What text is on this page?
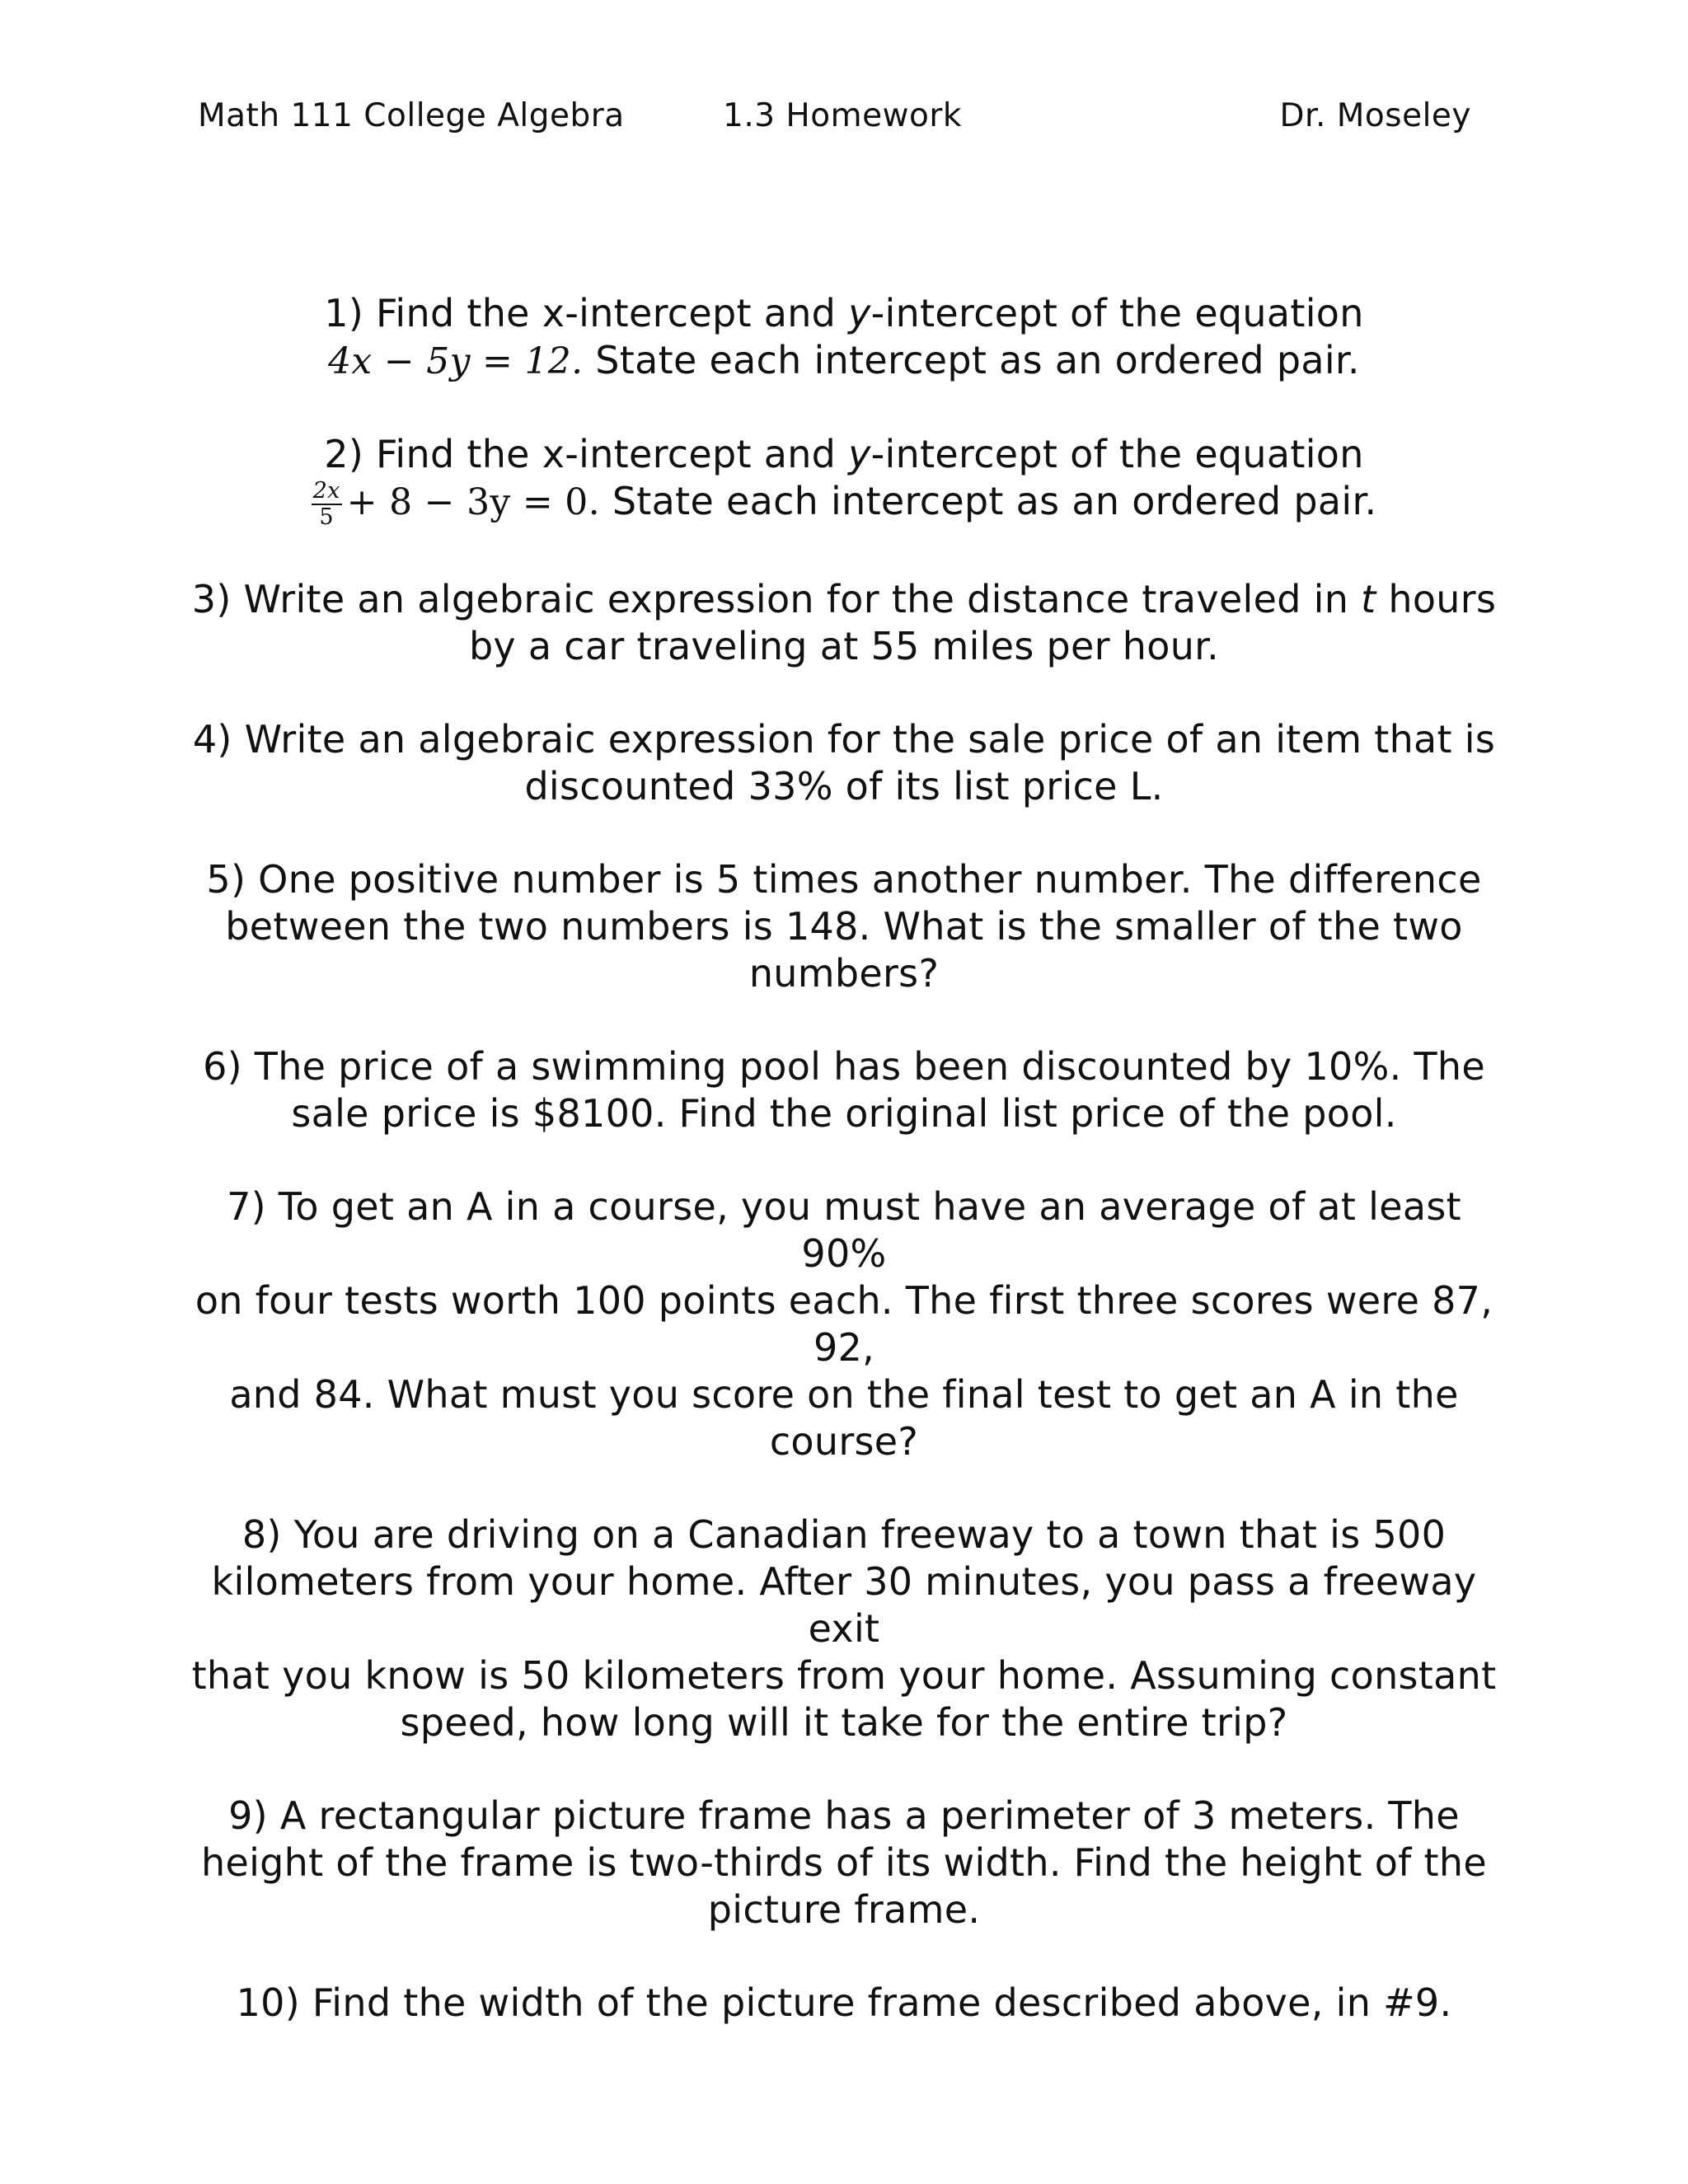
Math 111 College Algebra	1.3 Homework	Dr. Moseley

1) Find the x-intercept and y-intercept of the equation

4x − 5y = 12. State each intercept as an ordered pair.

2) Find the x-intercept and y-intercept of the equation

$\frac{2x}{5} + 8 - 3y = 0$. State each intercept as an ordered pair.

3) Write an algebraic expression for the distance traveled in t hours

by a car traveling at 55 miles per hour.

4) Write an algebraic expression for the sale price of an item that is

discounted 33% of its list price L.

5) One positive number is 5 times another number. The difference

between the two numbers is 148. What is the smaller of the two

numbers?

6) The price of a swimming pool has been discounted by 10%. The

sale price is $8100. Find the original list price of the pool.

7) To get an A in a course, you must have an average of at least 90%

on four tests worth 100 points each. The first three scores were 87, 92,

and 84. What must you score on the final test to get an A in the

course?

8) You are driving on a Canadian freeway to a town that is 500

kilometers from your home. After 30 minutes, you pass a freeway exit

that you know is 50 kilometers from your home. Assuming constant

speed, how long will it take for the entire trip?

9) A rectangular picture frame has a perimeter of 3 meters. The

height of the frame is two-thirds of its width. Find the height of the

picture frame.

10) Find the width of the picture frame described above, in #9.
